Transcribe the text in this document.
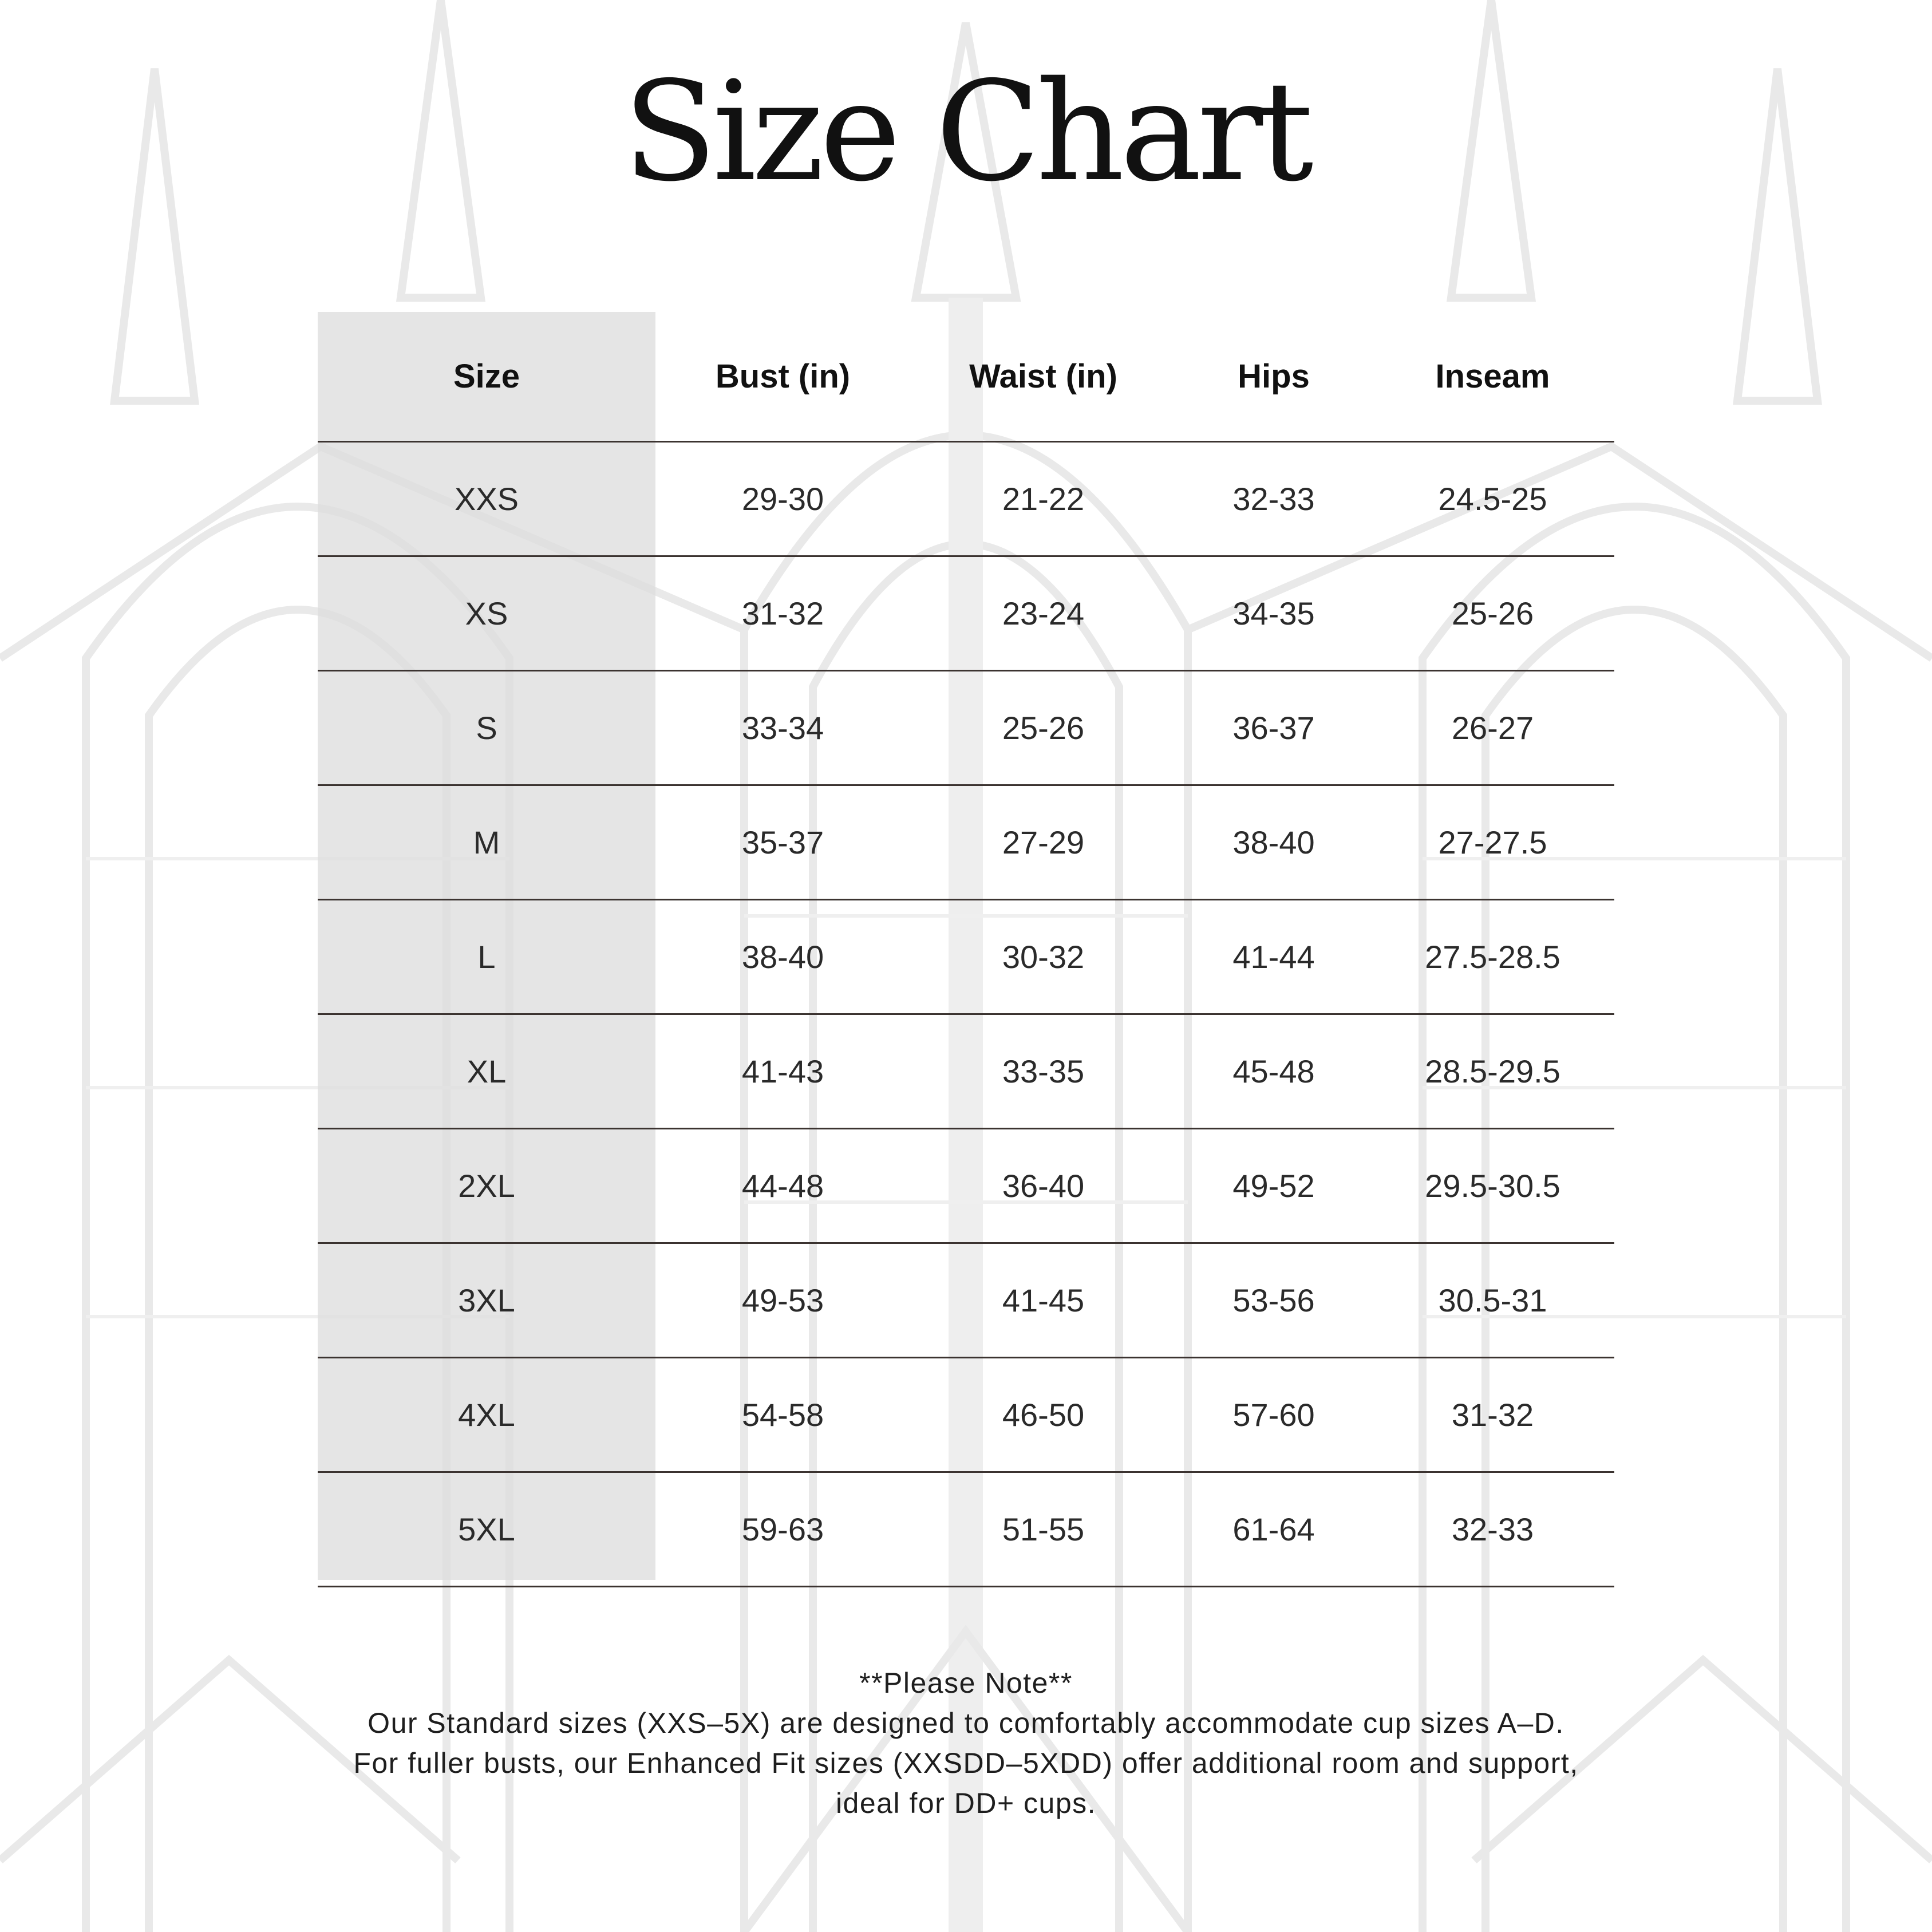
Size Chart
Size	Bust (in)	Waist (in)	Hips	Inseam
XXS	29-30	21-22	32-33	24.5-25
XS	31-32	23-24	34-35	25-26
S	33-34	25-26	36-37	26-27
M	35-37	27-29	38-40	27-27.5
L	38-40	30-32	41-44	27.5-28.5
XL	41-43	33-35	45-48	28.5-29.5
2XL	44-48	36-40	49-52	29.5-30.5
3XL	49-53	41-45	53-56	30.5-31
4XL	54-58	46-50	57-60	31-32
5XL	59-63	51-55	61-64	32-33
**Please Note**
Our Standard sizes (XXS–5X) are designed to comfortably accommodate cup sizes A–D.
For fuller busts, our Enhanced Fit sizes (XXSDD–5XDD) offer additional room and support,
ideal for DD+ cups.
